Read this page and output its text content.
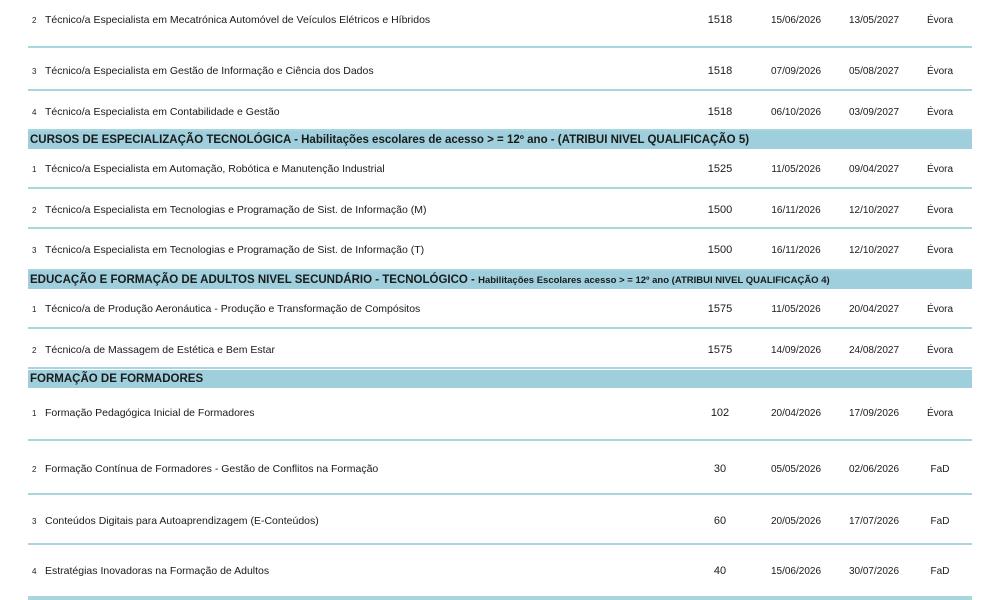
2 Técnico/a Especialista em Mecatrónica Automóvel de Veículos Elétricos e Híbridos	1518	15/06/2026	13/05/2027	Évora
3 Técnico/a Especialista em Gestão de Informação e Ciência dos Dados	1518	07/09/2026	05/08/2027	Évora
4 Técnico/a Especialista em Contabilidade e Gestão	1518	06/10/2026	03/09/2027	Évora
CURSOS DE ESPECIALIZAÇÃO TECNOLÓGICA - Habilitações escolares de acesso > = 12º ano - (ATRIBUI NIVEL QUALIFICAÇÃO 5)
1 Técnico/a Especialista em Automação, Robótica e Manutenção Industrial	1525	11/05/2026	09/04/2027	Évora
2 Técnico/a Especialista em Tecnologias e Programação de Sist. de Informação (M)	1500	16/11/2026	12/10/2027	Évora
3 Técnico/a Especialista em Tecnologias e Programação de Sist. de Informação (T)	1500	16/11/2026	12/10/2027	Évora
EDUCAÇÃO E FORMAÇÃO DE ADULTOS NIVEL SECUNDÁRIO - TECNOLÓGICO - Habilitações Escolares acesso > = 12º ano (ATRIBUI NIVEL QUALIFICAÇÃO 4)
1 Técnico/a de Produção Aeronáutica - Produção e Transformação de Compósitos	1575	11/05/2026	20/04/2027	Évora
2 Técnico/a de Massagem de Estética e Bem Estar	1575	14/09/2026	24/08/2027	Évora
FORMAÇÃO DE FORMADORES
1 Formação Pedagógica Inicial de Formadores	102	20/04/2026	17/09/2026	Évora
2 Formação Contínua de Formadores - Gestão de Conflitos na Formação	30	05/05/2026	02/06/2026	FaD
3 Conteúdos Digitais para Autoaprendizagem (E-Conteúdos)	60	20/05/2026	17/07/2026	FaD
4 Estratégias Inovadoras na Formação de Adultos	40	15/06/2026	30/07/2026	FaD
